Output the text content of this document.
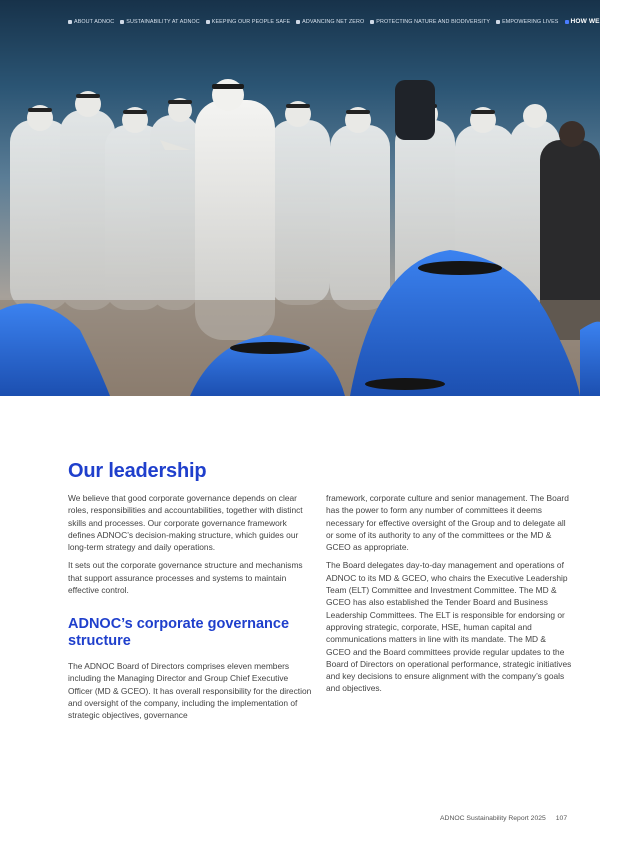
ABOUT ADNOC SUSTAINABILITY AT ADNOC KEEPING OUR PEOPLE SAFE ADVANCING NET ZERO PROTECTING NATURE AND BIODIVERSITY EMPOWERING LIVES HOW WE OPERATE
Our leadership

We believe that good corporate governance depends on clear roles, responsibilities and accountabilities, together with distinct skills and processes. Our corporate governance framework defines ADNOC’s decision-making structure, which guides our long-term strategy and daily operations.

It sets out the corporate governance structure and mechanisms that support assurance processes and systems to maintain effective control.

ADNOC’s corporate governance structure

The ADNOC Board of Directors comprises eleven members including the Managing Director and Group Chief Executive Officer (MD & GCEO). It has overall responsibility for the direction and oversight of the company, including the implementation of strategic objectives, governance

framework, corporate culture and senior management. The Board has the power to form any number of committees it deems necessary for effective oversight of the Group and to delegate all or some of its authority to any of the committees or the MD & GCEO as appropriate.

The Board delegates day-to-day management and operations of ADNOC to its MD & GCEO, who chairs the Executive Leadership Team (ELT) Committee and Investment Committee. The MD & GCEO has also established the Tender Board and Business Leadership Committees. The ELT is responsible for endorsing or approving strategic, corporate, HSE, human capital and communications matters in line with its mandate. The MD & GCEO and the Board committees provide regular updates to the Board of Directors on operational performance, strategic initiatives and key decisions to ensure alignment with the company’s goals and objectives.

ADNOC Sustainability Report 2025 107
